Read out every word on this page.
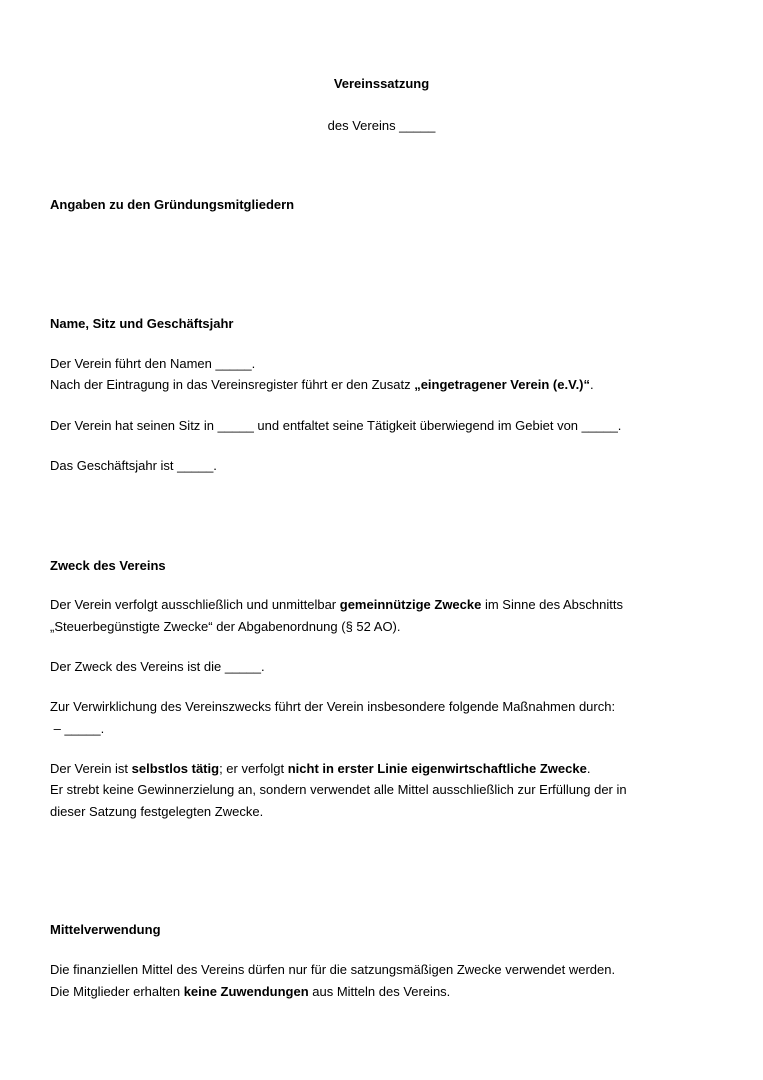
Vereinssatzung
des Vereins _____
Angaben zu den Gründungsmitgliedern
Name, Sitz und Geschäftsjahr
Der Verein führt den Namen _____.
Nach der Eintragung in das Vereinsregister führt er den Zusatz „eingetragener Verein (e.V.)“.
Der Verein hat seinen Sitz in _____ und entfaltet seine Tätigkeit überwiegend im Gebiet von _____.
Das Geschäftsjahr ist _____.
Zweck des Vereins
Der Verein verfolgt ausschließlich und unmittelbar gemeinnützige Zwecke im Sinne des Abschnitts
„Steuerbegünstigte Zwecke“ der Abgabenordnung (§ 52 AO).
Der Zweck des Vereins ist die _____.
Zur Verwirklichung des Vereinszwecks führt der Verein insbesondere folgende Maßnahmen durch:
– _____.
Der Verein ist selbstlos tätig; er verfolgt nicht in erster Linie eigenwirtschaftliche Zwecke.
Er strebt keine Gewinnerzielung an, sondern verwendet alle Mittel ausschließlich zur Erfüllung der in
dieser Satzung festgelegten Zwecke.
Mittelverwendung
Die finanziellen Mittel des Vereins dürfen nur für die satzungsmäßigen Zwecke verwendet werden.
Die Mitglieder erhalten keine Zuwendungen aus Mitteln des Vereins.
